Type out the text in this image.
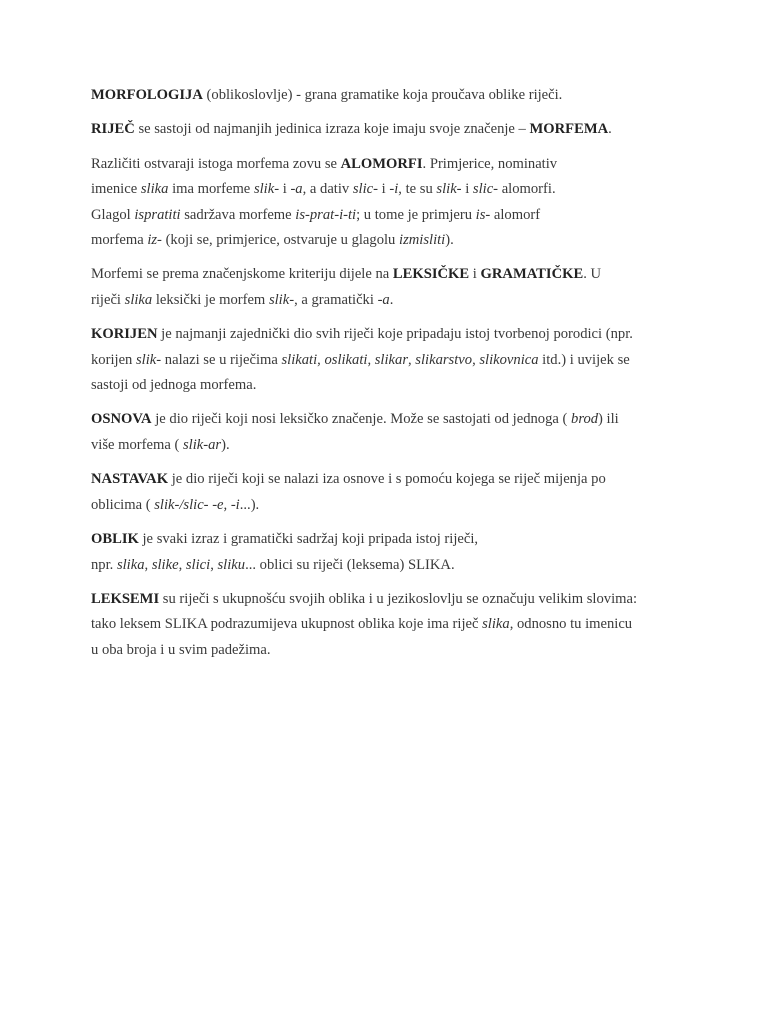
MORFOLOGIJA (oblikoslovlje) - grana gramatike koja proučava oblike riječi.

RIJEČ se sastoji od najmanjih jedinica izraza koje imaju svoje značenje – MORFEMA.

Različiti ostvaraji istoga morfema zovu se ALOMORFI. Primjerice, nominativ
imenice slika ima morfeme slik- i -a, a dativ slic- i -i, te su slik- i slic- alomorfi.
Glagol ispratiti sadržava morfeme is-prat-i-ti; u tome je primjeru is- alomorf
morfema iz- (koji se, primjerice, ostvaruje u glagolu izmisliti).

Morfemi se prema značenjskome kriteriju dijele na LEKSIČKE i GRAMATIČKE. U
riječi slika leksički je morfem slik-, a gramatički -a.

KORIJEN je najmanji zajednički dio svih riječi koje pripadaju istoj tvorbenoj porodici (npr.
korijen slik- nalazi se u riječima slikati, oslikati, slikar, slikarstvo, slikovnica itd.) i uvijek se
sastoji od jednoga morfema.

OSNOVA je dio riječi koji nosi leksičko značenje. Može se sastojati od jednoga ( brod) ili
više morfema ( slik-ar).

NASTAVAK je dio riječi koji se nalazi iza osnove i s pomoću kojega se riječ mijenja po
oblicima ( slik-/slic- -e, -i...).

OBLIK je svaki izraz i gramatički sadržaj koji pripada istoj riječi,
npr. slika, slike, slici, sliku... oblici su riječi (leksema) SLIKA.

LEKSEMI su riječi s ukupnošću svojih oblika i u jezikoslovlju se označuju velikim slovima:
tako leksem SLIKA podrazumijeva ukupnost oblika koje ima riječ slika, odnosno tu imenicu
u oba broja i u svim padežima.
